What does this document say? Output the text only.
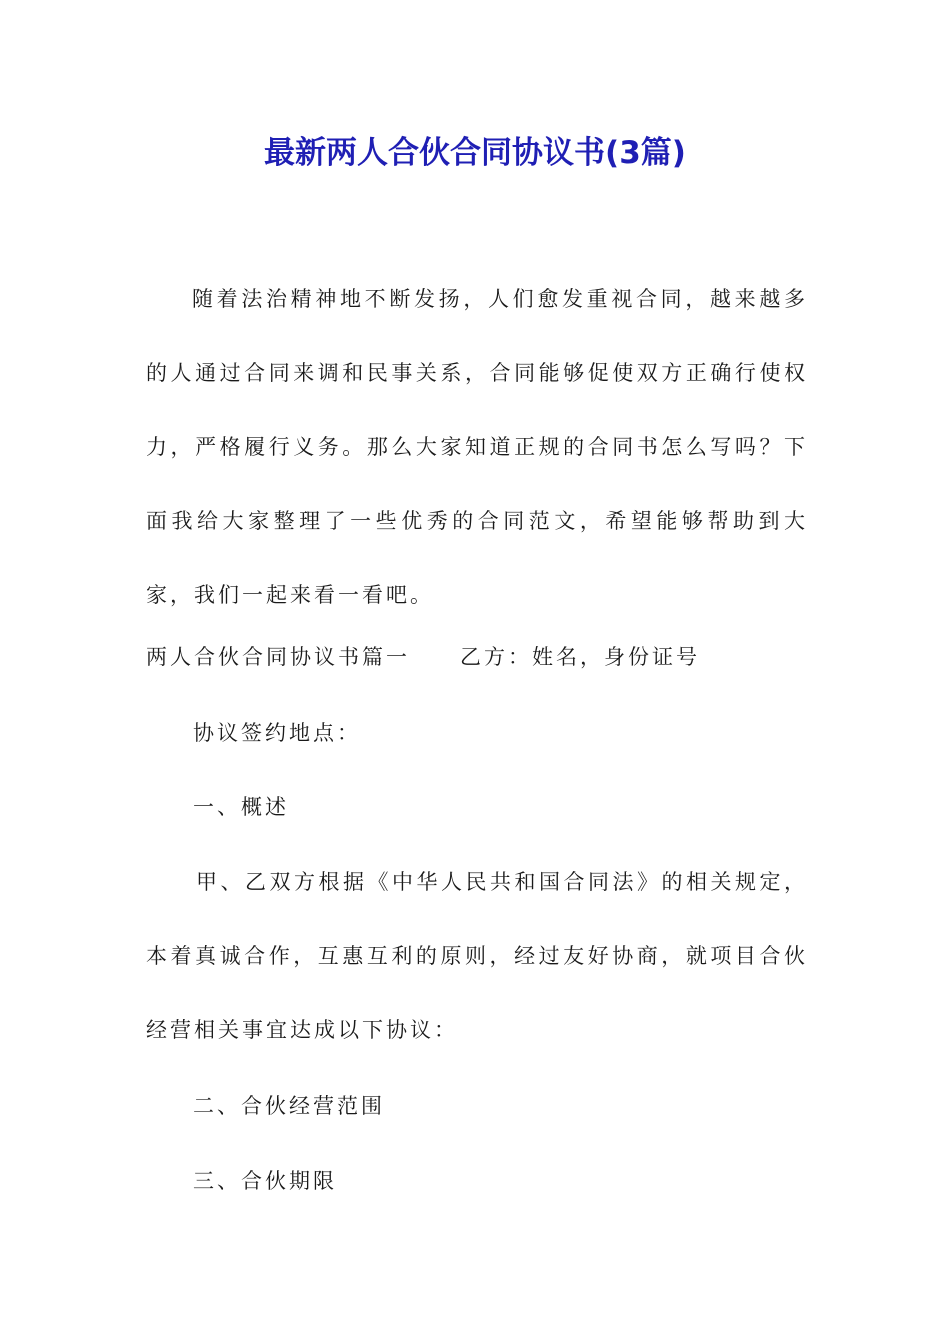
最新两人合伙合同协议书(3篇)

随着法治精神地不断发扬，人们愈发重视合同，越来越多的人通过合同来调和民事关系，合同能够促使双方正确行使权力，严格履行义务。那么大家知道正规的合同书怎么写吗？下面我给大家整理了一些优秀的合同范文，希望能够帮助到大家，我们一起来看一看吧。

两人合伙合同协议书篇一 乙方：姓名，身份证号

协议签约地点：

一、概述

甲、乙双方根据《中华人民共和国合同法》的相关规定，本着真诚合作，互惠互利的原则，经过友好协商，就项目合伙经营相关事宜达成以下协议：

二、合伙经营范围

三、合伙期限
